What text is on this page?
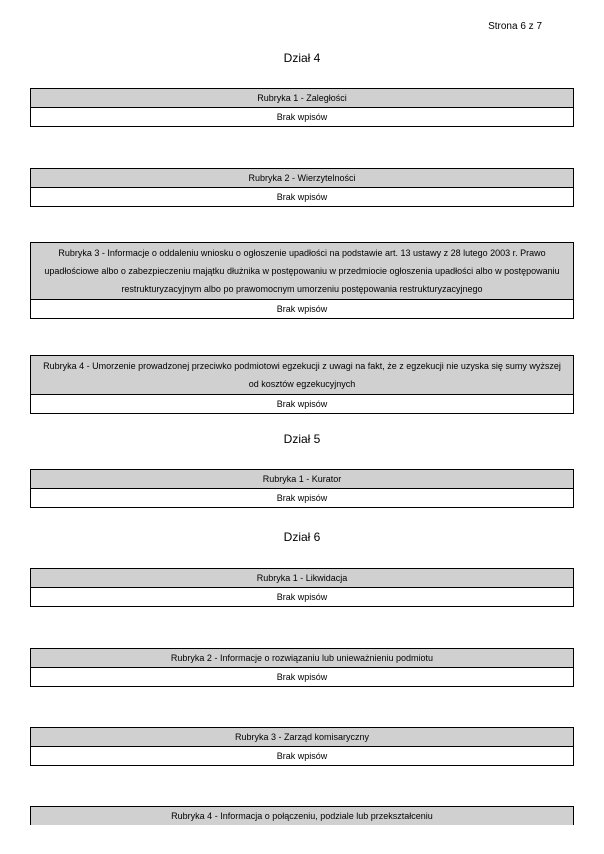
Strona 6 z 7
Dział 4
Rubryka 1 - Zaległości
Brak wpisów
Rubryka 2 - Wierzytelności
Brak wpisów
Rubryka 3 - Informacje o oddaleniu wniosku o ogłoszenie upadłości na podstawie art. 13 ustawy z 28 lutego 2003 r. Prawo upadłościowe albo o zabezpieczeniu majątku dłużnika w postępowaniu w przedmiocie ogłoszenia upadłości albo w postępowaniu restrukturyzacyjnym albo po prawomocnym umorzeniu postępowania restrukturyzacyjnego
Brak wpisów
Rubryka 4 - Umorzenie prowadzonej przeciwko podmiotowi egzekucji z uwagi na fakt, że z egzekucji nie uzyska się sumy wyższej od kosztów egzekucyjnych
Brak wpisów
Dział 5
Rubryka 1 - Kurator
Brak wpisów
Dział 6
Rubryka 1 - Likwidacja
Brak wpisów
Rubryka 2 - Informacje o rozwiązaniu lub unieważnieniu podmiotu
Brak wpisów
Rubryka 3 - Zarząd komisaryczny
Brak wpisów
Rubryka 4 - Informacja o połączeniu, podziale lub przekształceniu
